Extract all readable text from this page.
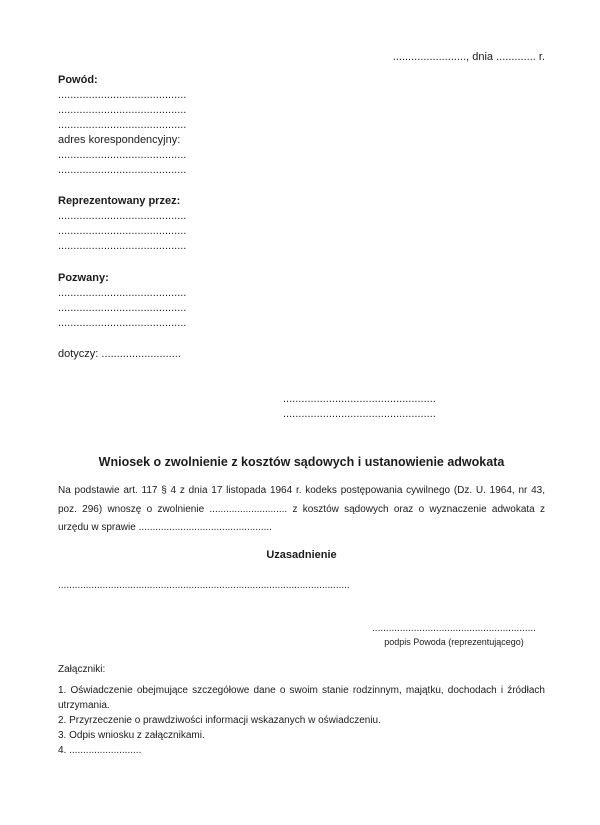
........................, dnia ............. r.
Powód:
..........................................
..........................................
..........................................
adres korespondencyjny:
..........................................
..........................................
Reprezentowany przez:
..........................................
..........................................
..........................................
Pozwany:
..........................................
..........................................
..........................................
dotyczy: ..........................
..................................................
..................................................
Wniosek o zwolnienie z kosztów sądowych i ustanowienie adwokata

Na podstawie art. 117 § 4 z dnia 17 listopada 1964 r. kodeks postępowania cywilnego (Dz. U. 1964, nr 43, poz. 296) wnoszę o zwolnienie ............................ z kosztów sądowych oraz o wyznaczenie adwokata z urzędu w sprawie ................................................

Uzasadnienie
.........................................................................................................
...........................................................
podpis Powoda (reprezentującego)
Załączniki:

1. Oświadczenie obejmujące szczegółowe dane o swoim stanie rodzinnym, majątku, dochodach i źródłach utrzymania.

2. Przyrzeczenie o prawdziwości informacji wskazanych w oświadczeniu.

3. Odpis wniosku z załącznikami.

4. ..........................
